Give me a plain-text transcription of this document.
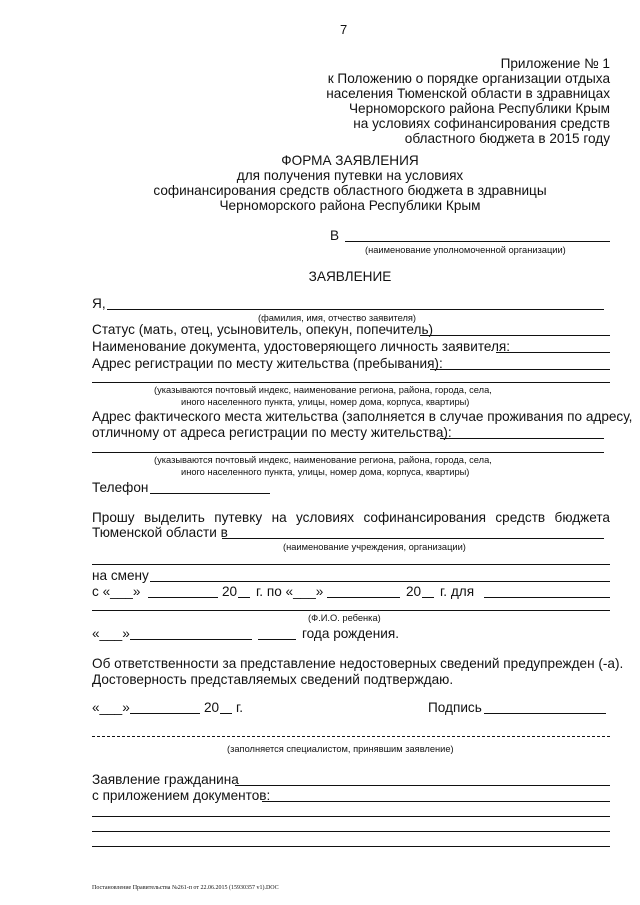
7
Приложение № 1
к Положению о порядке организации отдыха
населения Тюменской области в здравницах
Черноморского района Республики Крым
на условиях софинансирования средств
областного бюджета в 2015 году
ФОРМА ЗАЯВЛЕНИЯ
для получения путевки на условиях
софинансирования средств областного бюджета в здравницы
Черноморского района Республики Крым
В
(наименование уполномоченной организации)
ЗАЯВЛЕНИЕ
Я,
(фамилия, имя, отчество заявителя)
Статус (мать, отец, усыновитель, опекун, попечитель)
Наименование документа, удостоверяющего личность заявителя:
Адрес регистрации по месту жительства (пребывания):
(указываются почтовый индекс, наименование региона, района, города, села,
иного населенного пункта, улицы, номер дома, корпуса, квартиры)
Адрес фактического места жительства (заполняется в случае проживания по адресу,
отличному от адреса регистрации по месту жительства):
(указываются почтовый индекс, наименование региона, района, города, села,
иного населенного пункта, улицы, номер дома, корпуса, квартиры)
Телефон
Прошу выделить путевку на условиях софинансирования средств бюджета
Тюменской области в
(наименование учреждения, организации)
на смену
с «___»	20 г. по «___»	20 г. для
(Ф.И.О. ребенка)
«___»	года рождения.
Об ответственности за представление недостоверных сведений предупрежден (-а).
Достоверность представляемых сведений подтверждаю.
«___»	20 г.	Подпись
(заполняется специалистом, принявшим заявление)
Заявление гражданина
с приложением документов:
Постановление Правительства №261-п от 22.06.2015 (15930357 v1).DOC
